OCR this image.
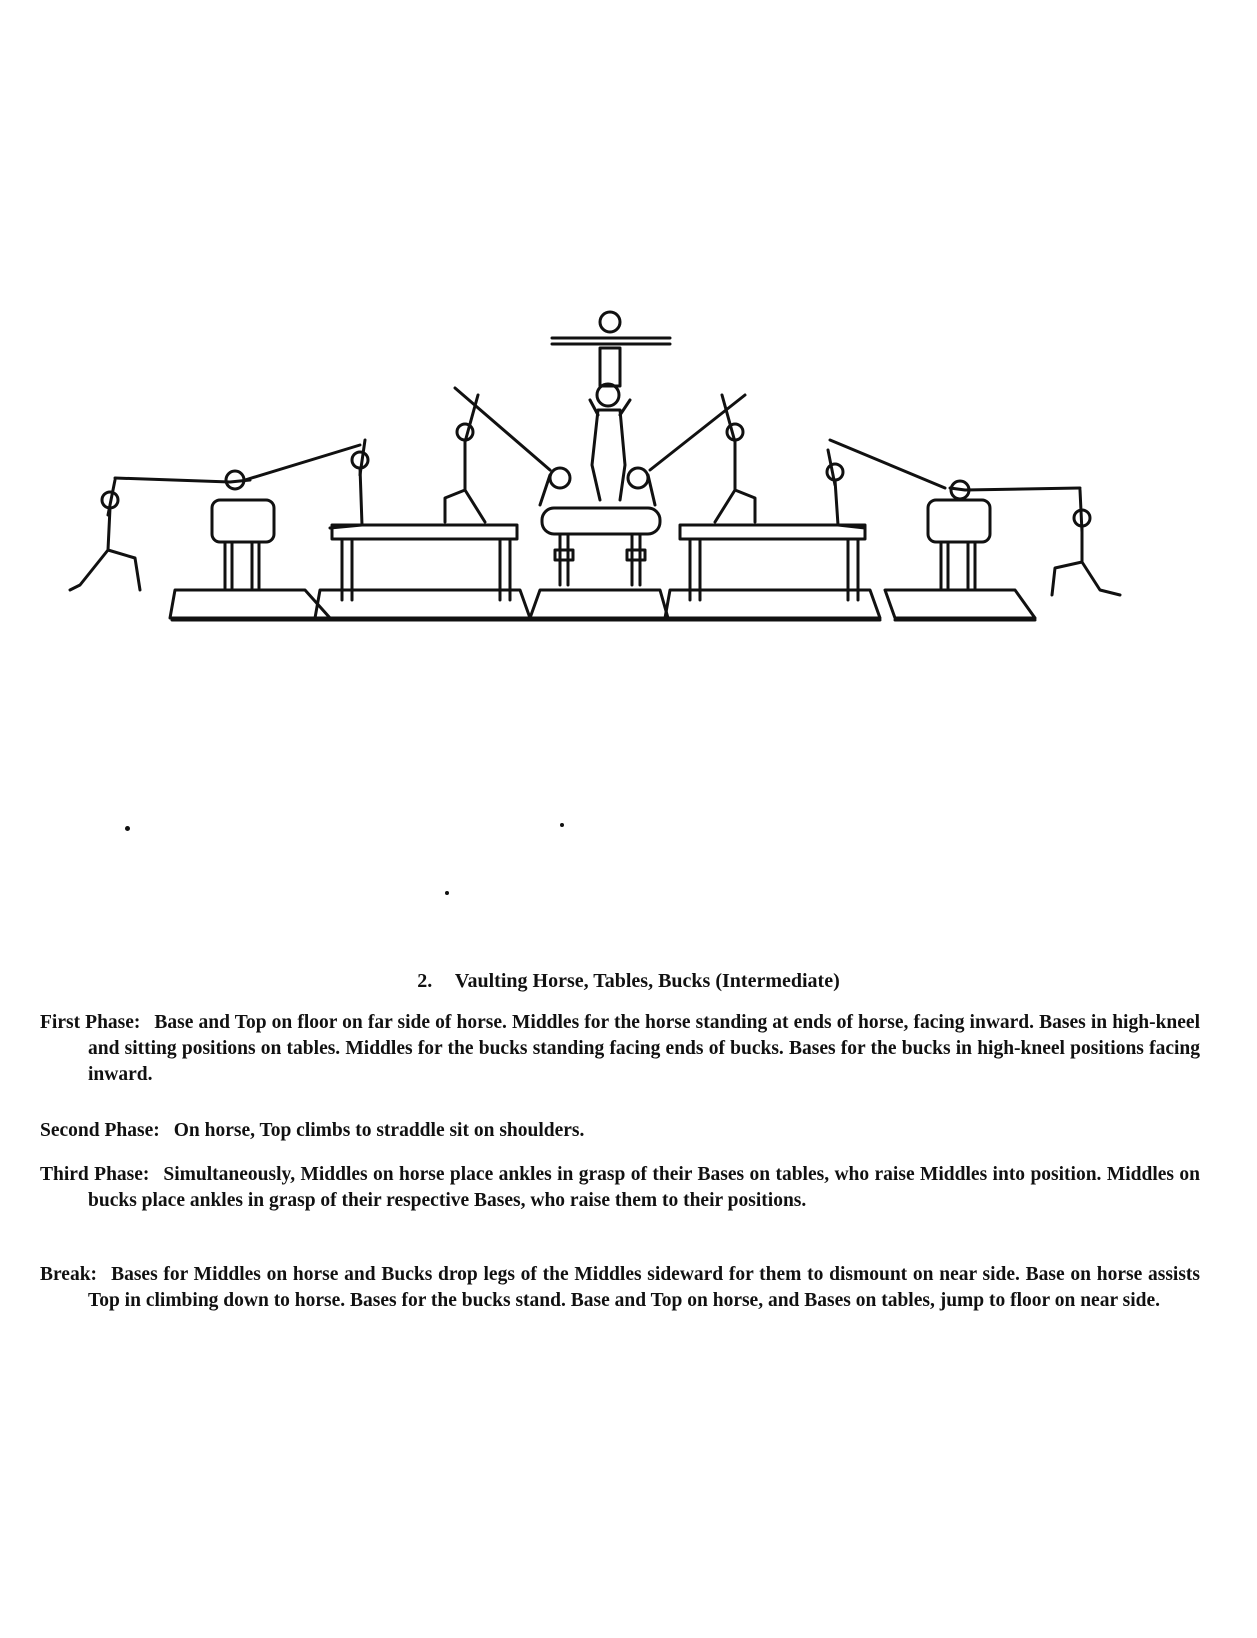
2. Vaulting Horse, Tables, Bucks (Intermediate)

First Phase: Base and Top on floor on far side of horse. Middles for the horse standing at ends of horse, facing inward. Bases in high-kneel and sitting positions on tables. Middles for the bucks standing facing ends of bucks. Bases for the bucks in high-kneel positions facing inward.

Second Phase: On horse, Top climbs to straddle sit on shoulders.

Third Phase: Simultaneously, Middles on horse place ankles in grasp of their Bases on tables, who raise Middles into position. Middles on bucks place ankles in grasp of their respective Bases, who raise them to their positions.

Break: Bases for Middles on horse and Bucks drop legs of the Middles sideward for them to dismount on near side. Base on horse assists Top in climbing down to horse. Bases for the bucks stand. Base and Top on horse, and Bases on tables, jump to floor on near side.
